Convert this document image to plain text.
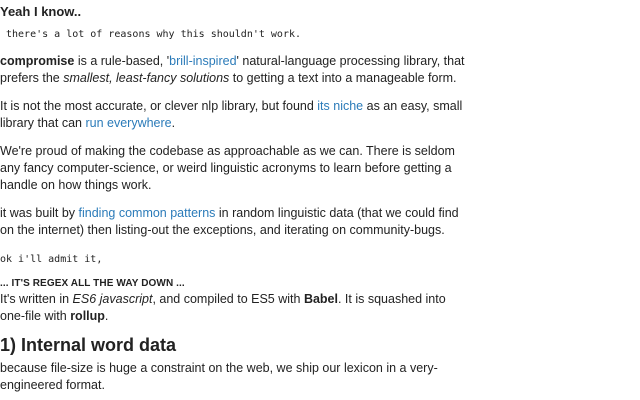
Yeah I know..
there's a lot of reasons why this shouldn't work.

compromise is a rule-based, 'brill-inspired' natural-language processing library, that
prefers the smallest, least-fancy solutions to getting a text into a manageable form.

It is not the most accurate, or clever nlp library, but found its niche as an easy, small
library that can run everywhere.

We're proud of making the codebase as approachable as we can. There is seldom
any fancy computer-science, or weird linguistic acronyms to learn before getting a
handle on how things work.

it was built by finding common patterns in random linguistic data (that we could find
on the internet) then listing-out the exceptions, and iterating on community-bugs.

ok i'll admit it,
... IT'S REGEX ALL THE WAY DOWN ...

It's written in ES6 javascript, and compiled to ES5 with Babel. It is squashed into
one-file with rollup.

1) Internal word data

because file-size is huge a constraint on the web, we ship our lexicon in a very-
engineered format.
